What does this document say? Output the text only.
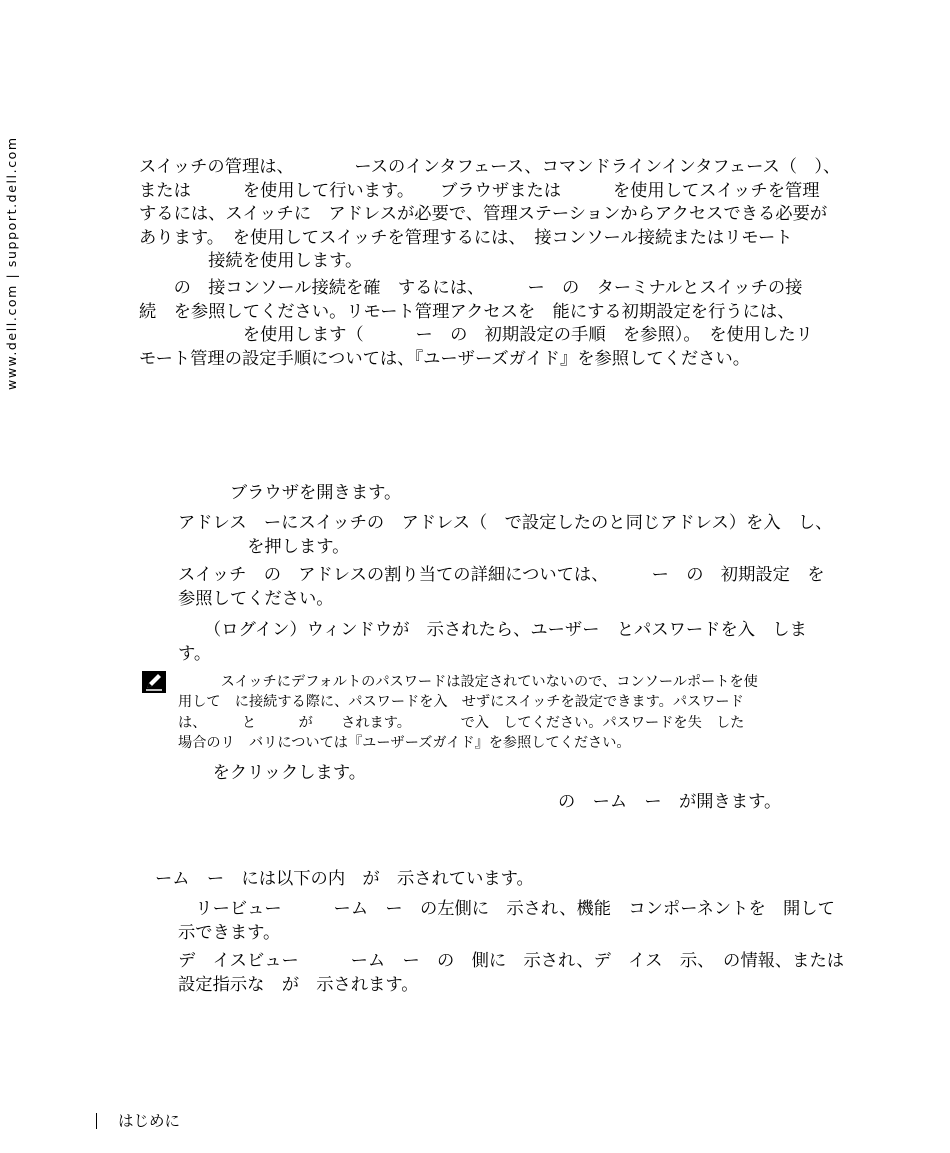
www.dell.com | support.dell.com	スイッチの管理は、　　　　ースのインタフェース、コマンドラインインタフェース（　）、
または　　　を使用して行います。　　ブラウザまたは　　　を使用してスイッチを管理
するには、スイッチに　アドレスが必要で、管理ステーションからアクセスできる必要が
あります。　を使用してスイッチを管理するには、　接コンソール接続またはリモート
　　　　接続を使用します。

　　の　接コンソール接続を確　するには、　　　ー　の　ターミナルとスイッチの接
続　を参照してください。リモート管理アクセスを　能にする初期設定を行うには、
　　　　　　を使用します（　　　ー　の　初期設定の手順　を参照）。　を使用したリ
モート管理の設定手順については、『ユーザーズガイド』を参照してください。

　　　ブラウザを開きます。

アドレス　ーにスイッチの　アドレス（　で設定したのと同じアドレス）を入　し、
　　　　を押します。

スイッチ　の　アドレスの割り当ての詳細については、　　　ー　の　初期設定　を
参照してください。

　　（ログイン）ウィンドウが　示されたら、ユーザー　とパスワードを入　しま
す。

　　　スイッチにデフォルトのパスワードは設定されていないので、コンソールポートを使
用して　に接続する際に、パスワードを入　せずにスイッチを設定できます。パスワード
は、　　　と　　　が　　されます。　　　　で入　してください。パスワードを失　した
場合のリ　バリについては『ユーザーズガイド』を参照してください。

　　をクリックします。

の　ーム　ー　が開きます。

ーム　ー　には以下の内　が　示されています。

　リービュー　　　ーム　ー　の左側に　示され、機能　コンポーネントを　開して
示できます。

デ　イスビュー　　　ーム　ー　の　側に　示され、デ　イス　示、　の情報、または
設定指示な　が　示されます。

はじめに
